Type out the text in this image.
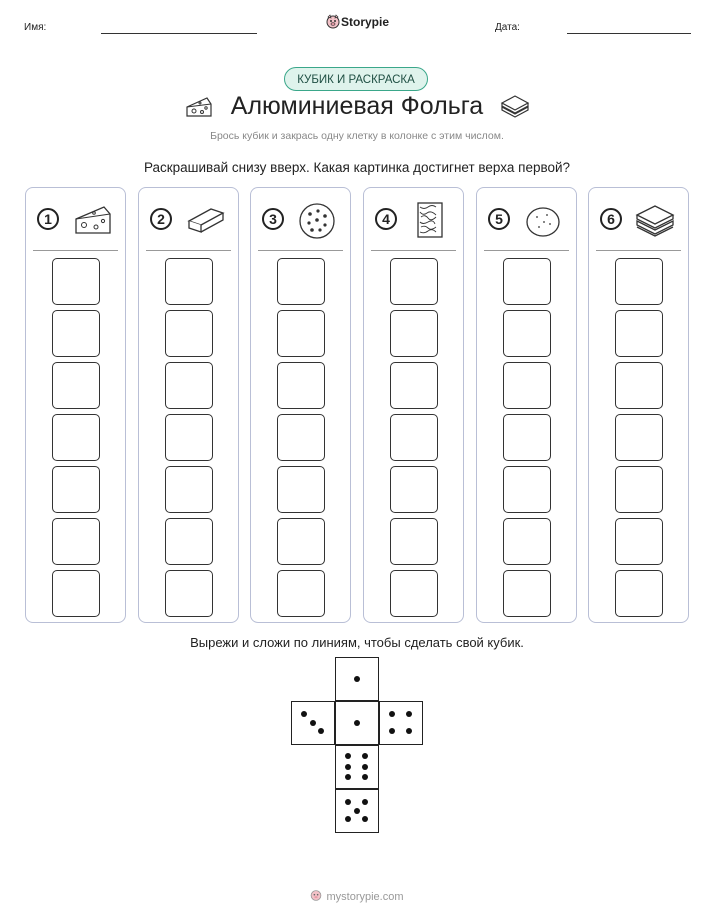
Имя:	Storypie	Дата:
КУБИК И РАСКРАСКА
Алюминиевая Фольга
Брось кубик и закрась одну клетку в колонке с этим числом.
Раскрашивай снизу вверх. Какая картинка достигнет верха первой?
1	2	3	4	5	6
Вырежи и сложи по линиям, чтобы сделать свой кубик.
mystorypie.com
